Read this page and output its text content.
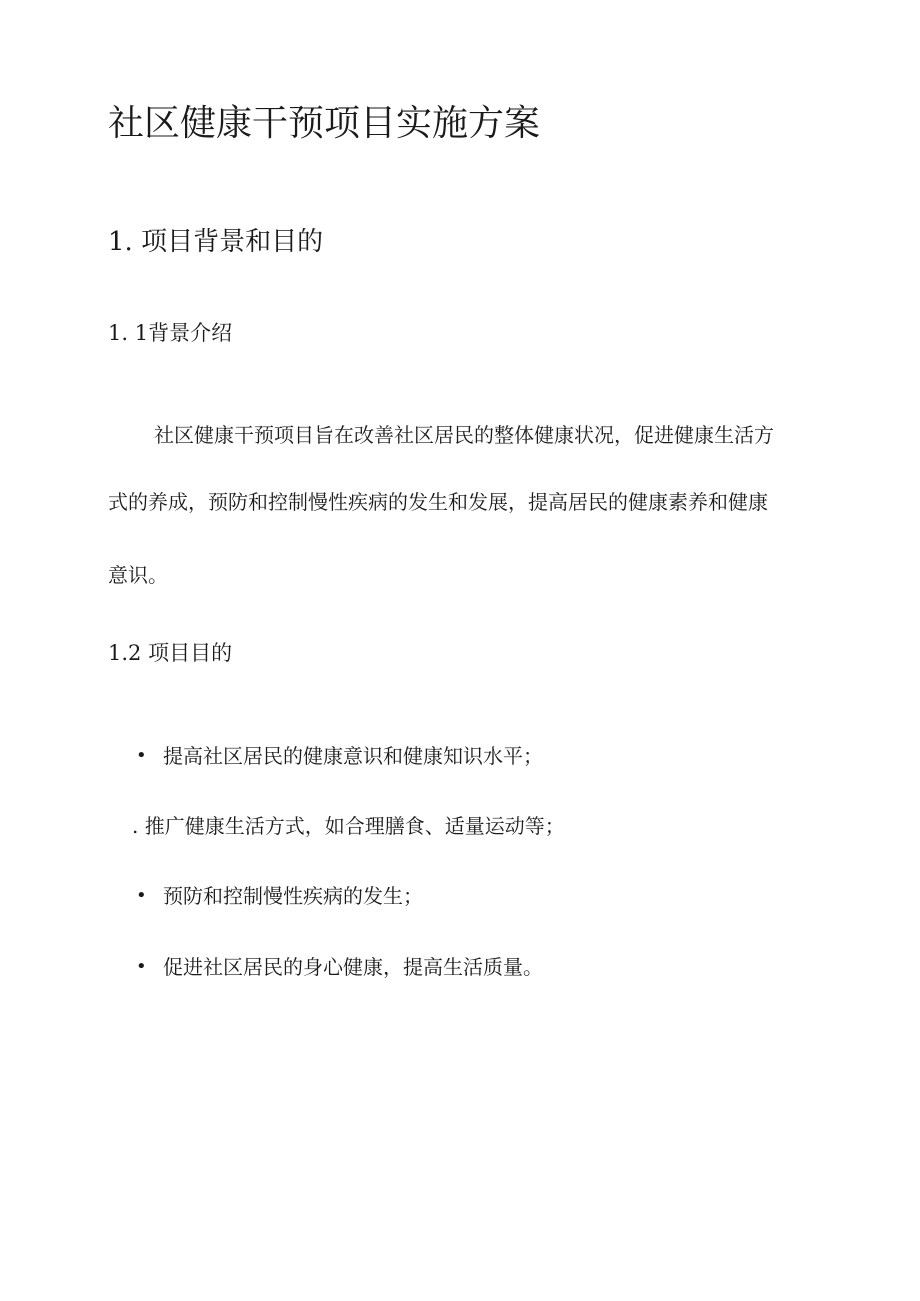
社区健康干预项目实施方案
1. 项目背景和目的
1. 1背景介绍
社区健康干预项目旨在改善社区居民的整体健康状况，促进健康生活方
式的养成，预防和控制慢性疾病的发生和发展，提高居民的健康素养和健康
意识。
1.2 项目目的
• 提高社区居民的健康意识和健康知识水平；
. 推广健康生活方式，如合理膳食、适量运动等；
• 预防和控制慢性疾病的发生；
• 促进社区居民的身心健康，提高生活质量。
